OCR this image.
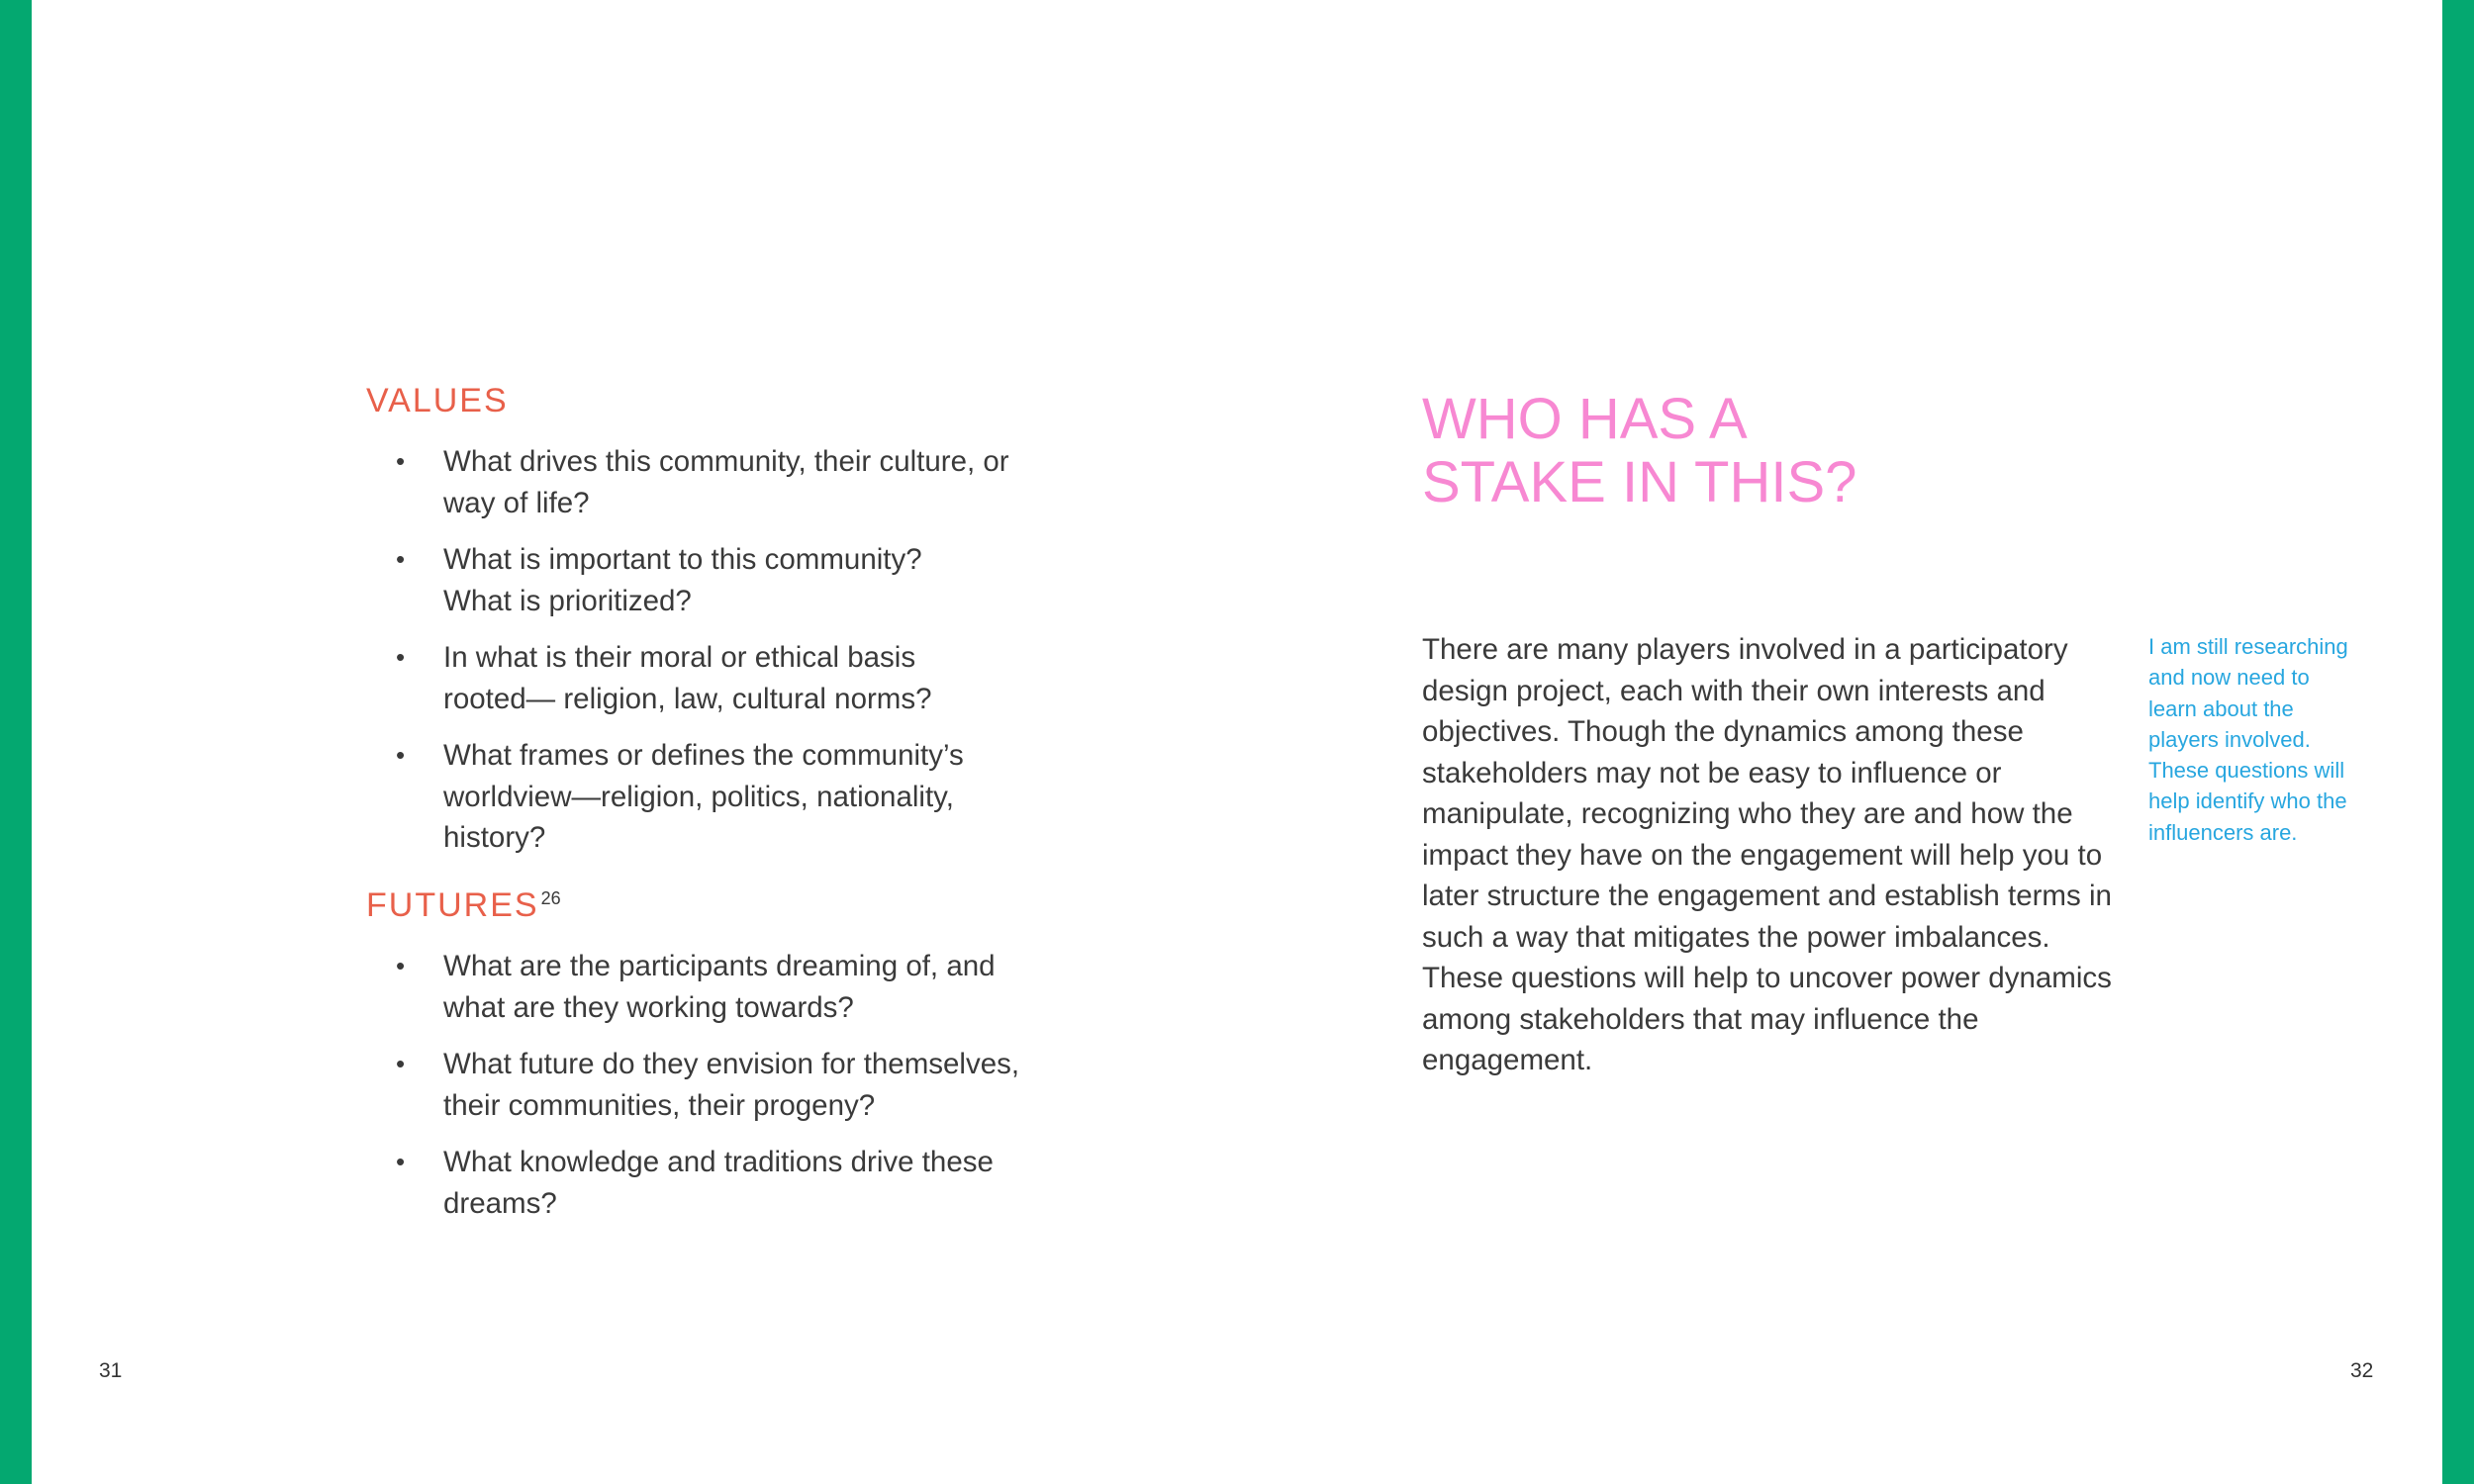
VALUES
• What drives this community, their culture, or
way of life?
• What is important to this community?
What is prioritized?
• In what is their moral or ethical basis
rooted— religion, law, cultural norms?
• What frames or defines the community’s
worldview—religion, politics, nationality,
history?
FUTURES $^{26}$
• What are the participants dreaming of, and
what are they working towards?
• What future do they envision for themselves,
their communities, their progeny?
• What knowledge and traditions drive these
dreams?
31
WHO HAS A
STAKE IN THIS?

There are many players involved in a participatory design project, each with their own interests and objectives. Though the dynamics among these stakeholders may not be easy to influence or manipulate, recognizing who they are and how the impact they have on the engagement will help you to later structure the engagement and establish terms in such a way that mitigates the power imbalances. These questions will help to uncover power dynamics among stakeholders that may influence the engagement.

I am still researching and now need to learn about the players involved. These questions will help identify who the influencers are.

32
